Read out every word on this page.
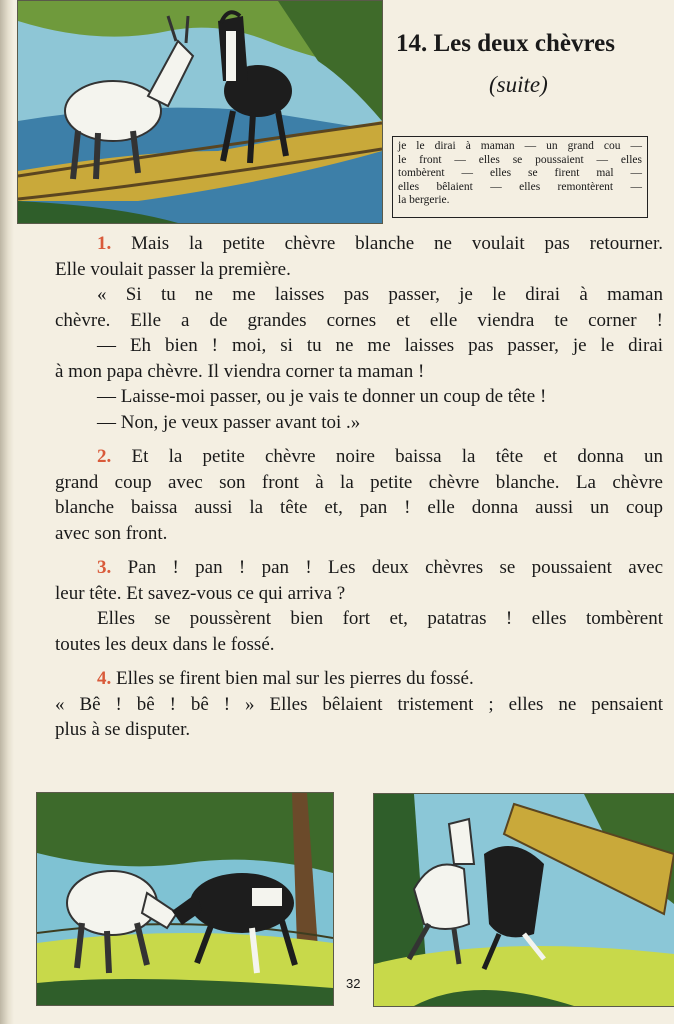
14. Les deux chèvres
(suite)
je le dirai à maman — un grand cou —
le front — elles se poussaient — elles
tombèrent — elles se firent mal —
elles bêlaient — elles remontèrent —
la bergerie.
1. Mais la petite chèvre blanche ne voulait pas retourner.
Elle voulait passer la première.
« Si tu ne me laisses pas passer, je le dirai à maman
chèvre. Elle a de grandes cornes et elle viendra te corner !
— Eh bien ! moi, si tu ne me laisses pas passer, je le dirai
à mon papa chèvre. Il viendra corner ta maman !
— Laisse-moi passer, ou je vais te donner un coup de tête !
— Non, je veux passer avant toi .»
2. Et la petite chèvre noire baissa la tête et donna un
grand coup avec son front à la petite chèvre blanche. La chèvre
blanche baissa aussi la tête et, pan ! elle donna aussi un coup
avec son front.
3. Pan ! pan ! pan ! Les deux chèvres se poussaient avec
leur tête. Et savez-vous ce qui arriva ?
Elles se poussèrent bien fort et, patatras ! elles tombèrent
toutes les deux dans le fossé.
4. Elles se firent bien mal sur les pierres du fossé.
« Bê ! bê ! bê ! » Elles bêlaient tristement ; elles ne pensaient
plus à se disputer.
32
